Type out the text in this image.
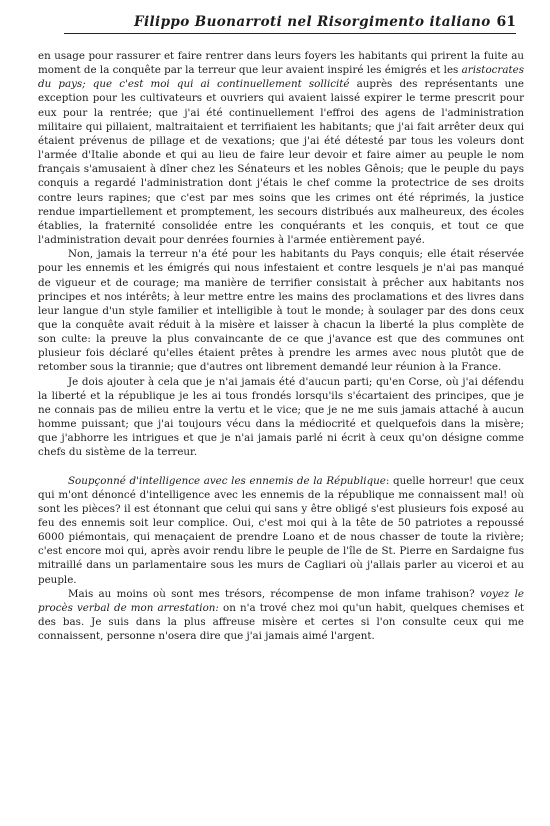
Filippo Buonarroti nel Risorgimento italiano 61

en usage pour rassurer et faire rentrer dans leurs foyers les habitants qui prirent la fuite au moment de la conquête par la terreur que leur avaient inspiré les émigrés et les aristocrates du pays; que c'est moi qui ai continuellement sollicité auprès des représentants une exception pour les cultivateurs et ouvriers qui avaient laissé expirer le terme prescrit pour eux pour la rentrée; que j'ai été continuellement l'effroi des agens de l'administration militaire qui pillaient, maltraitaient et terrifiaient les habitants; que j'ai fait arrêter deux qui étaient prévenus de pillage et de vexations; que j'ai été détesté par tous les voleurs dont l'armée d'Italie abonde et qui au lieu de faire leur devoir et faire aimer au peuple le nom français s'amusaient à dîner chez les Sénateurs et les nobles Gênois; que le peuple du pays conquis a regardé l'administration dont j'étais le chef comme la protectrice de ses droits contre leurs rapines; que c'est par mes soins que les crimes ont été réprimés, la justice rendue impartiellement et promptement, les secours distribués aux malheureux, des écoles établies, la fraternité consolidée entre les conquérants et les conquis, et tout ce que l'administration devait pour denrées fournies à l'armée entièrement payé.

Non, jamais la terreur n'a été pour les habitants du Pays conquis; elle était réservée pour les ennemis et les émigrés qui nous infestaient et contre lesquels je n'ai pas manqué de vigueur et de courage; ma manière de terrifier consistait à prêcher aux habitants nos principes et nos intérêts; à leur mettre entre les mains des proclamations et des livres dans leur langue d'un style familier et intelligible à tout le monde; à soulager par des dons ceux que la conquête avait réduit à la misère et laisser à chacun la liberté la plus complète de son culte: la preuve la plus convaincante de ce que j'avance est que des communes ont plusieur fois déclaré qu'elles étaient prêtes à prendre les armes avec nous plutôt que de retomber sous la tirannie; que d'autres ont librement demandé leur réunion à la France.

Je dois ajouter à cela que je n'ai jamais été d'aucun parti; qu'en Corse, où j'ai défendu la liberté et la république je les ai tous frondés lorsqu'ils s'écartaient des principes, que je ne connais pas de milieu entre la vertu et le vice; que je ne me suis jamais attaché à aucun homme puissant; que j'ai toujours vécu dans la médiocrité et quelquefois dans la misère; que j'abhorre les intrigues et que je n'ai jamais parlé ni écrit à ceux qu'on désigne comme chefs du sistème de la terreur.

Soupçonné d'intelligence avec les ennemis de la République: quelle horreur! que ceux qui m'ont dénoncé d'intelligence avec les ennemis de la république me connaissent mal! où sont les pièces? il est étonnant que celui qui sans y être obligé s'est plusieurs fois exposé au feu des ennemis soit leur complice. Oui, c'est moi qui à la tête de 50 patriotes a repoussé 6000 piémontais, qui menaçaient de prendre Loano et de nous chasser de toute la rivière; c'est encore moi qui, après avoir rendu libre le peuple de l'île de St. Pierre en Sardaigne fus mitraillé dans un parlamentaire sous les murs de Cagliari où j'allais parler au viceroi et au peuple.

Mais au moins où sont mes trésors, récompense de mon infame trahison? voyez le procès verbal de mon arrestation: on n'a trové chez moi qu'un habit, quelques chemises et des bas. Je suis dans la plus affreuse misère et certes si l'on consulte ceux qui me connaissent, personne n'osera dire que j'ai jamais aimé l'argent.
